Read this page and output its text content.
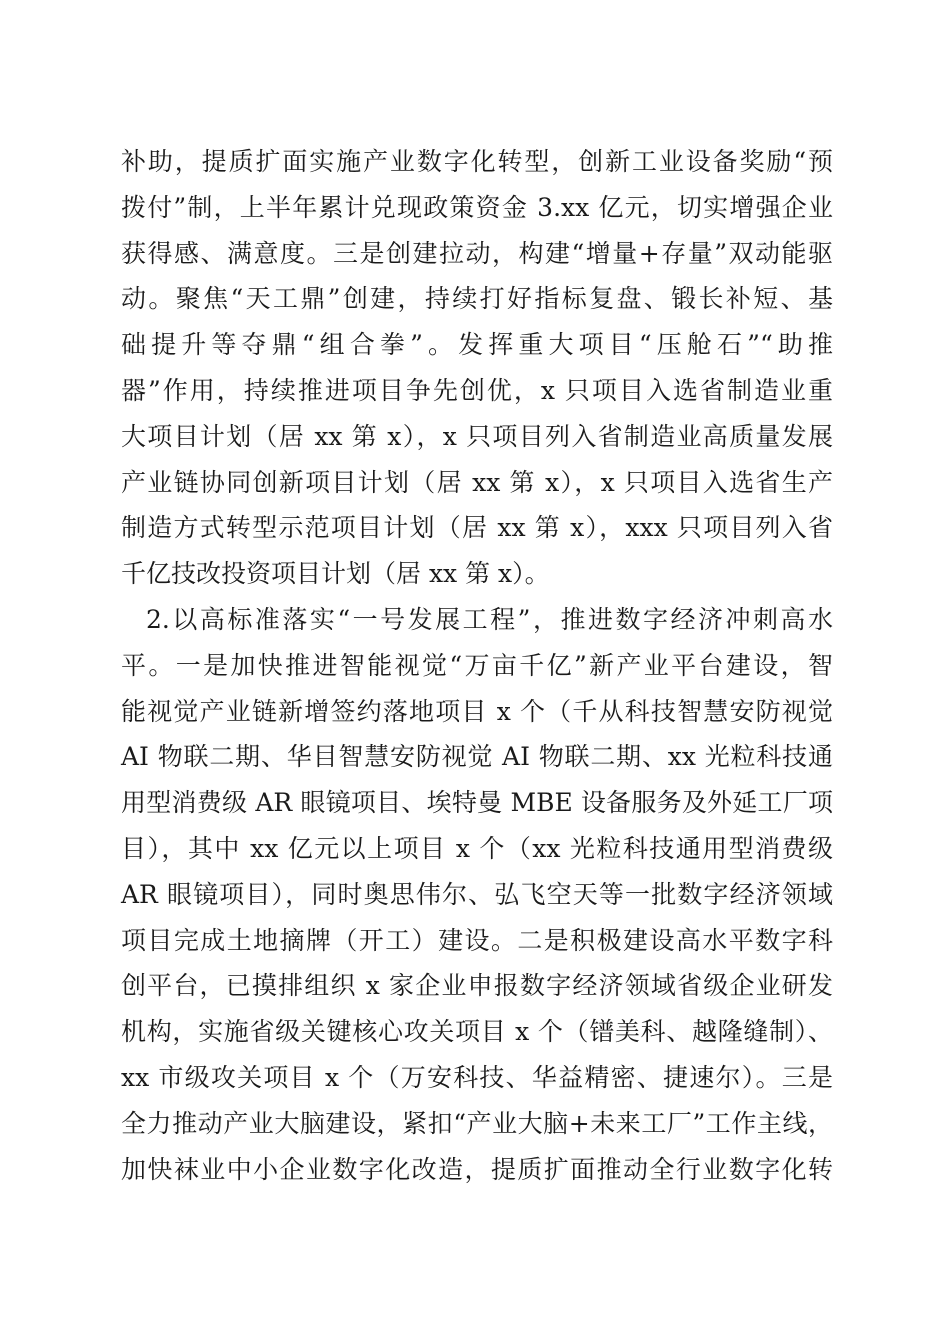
补助，提质扩面实施产业数字化转型，创新工业设备奖励“预
拨付”制，上半年累计兑现政策资金 3.xx 亿元，切实增强企业
获得感、满意度。三是创建拉动，构建“增量+存量”双动能驱
动。聚焦“天工鼎”创建，持续打好指标复盘、锻长补短、基
础提升等夺鼎“组合拳”。发挥重大项目“压舱石”“助推
器”作用，持续推进项目争先创优，x 只项目入选省制造业重
大项目计划（居 xx 第 x），x 只项目列入省制造业高质量发展
产业链协同创新项目计划（居 xx 第 x），x 只项目入选省生产
制造方式转型示范项目计划（居 xx 第 x），xxx 只项目列入省
千亿技改投资项目计划（居 xx 第 x）。
2.以高标准落实“一号发展工程”，推进数字经济冲刺高水
平。一是加快推进智能视觉“万亩千亿”新产业平台建设，智
能视觉产业链新增签约落地项目 x 个（千从科技智慧安防视觉
AI 物联二期、华目智慧安防视觉 AI 物联二期、xx 光粒科技通
用型消费级 AR 眼镜项目、埃特曼 MBE 设备服务及外延工厂项
目），其中 xx 亿元以上项目 x 个（xx 光粒科技通用型消费级
AR 眼镜项目），同时奥思伟尔、弘飞空天等一批数字经济领域
项目完成土地摘牌（开工）建设。二是积极建设高水平数字科
创平台，已摸排组织 x 家企业申报数字经济领域省级企业研发
机构，实施省级关键核心攻关项目 x 个（镨美科、越隆缝制）、
xx 市级攻关项目 x 个（万安科技、华益精密、捷速尔）。三是
全力推动产业大脑建设，紧扣“产业大脑+未来工厂”工作主线，
加快袜业中小企业数字化改造，提质扩面推动全行业数字化转
